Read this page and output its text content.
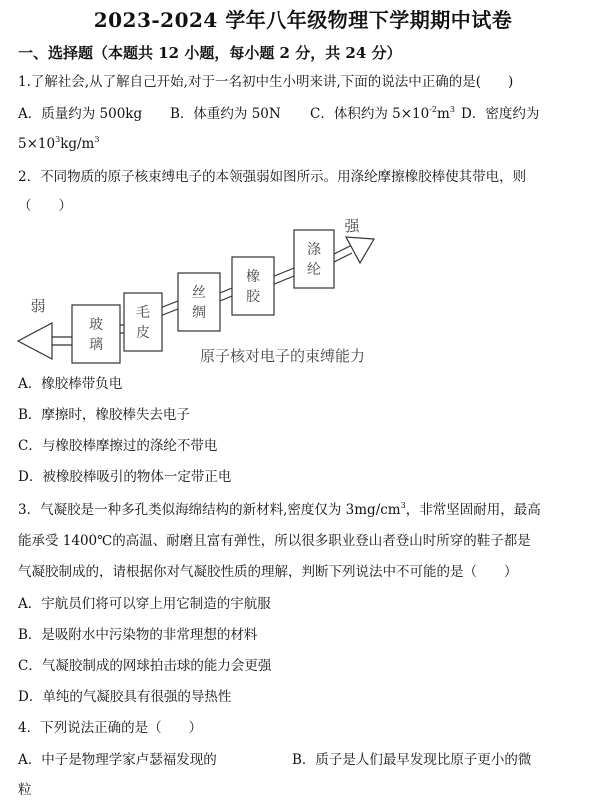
2023-2024 学年八年级物理下学期期中试卷
一、选择题（本题共 12 小题，每小题 2 分，共 24 分）
1.了解社会,从了解自己开始,对于一名初中生小明来讲,下面的说法中正确的是(　　)
A．质量约为 500kg B．体重约为 50N C．体积约为 $5\times 10^{-2}m^3$ D．密度约为
$5\times 10^3kg/m^3$
2．不同物质的原子核束缚电子的本领强弱如图所示。用涤纶摩擦橡胶棒使其带电，则
（　　）
玻
璃
毛
皮
丝
绸
橡
胶
涤
纶
弱
强
原子核对电子的束缚能力
A．橡胶棒带负电
B．摩擦时，橡胶棒失去电子
C．与橡胶棒摩擦过的涤纶不带电
D．被橡胶棒吸引的物体一定带正电
3．气凝胶是一种多孔类似海绵结构的新材料,密度仅为 $3mg/cm^3$，非常坚固耐用，最高
能承受 1400℃的高温、耐磨且富有弹性，所以很多职业登山者登山时所穿的鞋子都是
气凝胶制成的，请根据你对气凝胶性质的理解，判断下列说法中不可能的是（　　）
A．宇航员们将可以穿上用它制造的宇航服
B．是吸附水中污染物的非常理想的材料
C．气凝胶制成的网球拍击球的能力会更强
D．单纯的气凝胶具有很强的导热性
4．下列说法正确的是（　　）
A．中子是物理学家卢瑟福发现的	B．质子是人们最早发现比原子更小的微
粒
